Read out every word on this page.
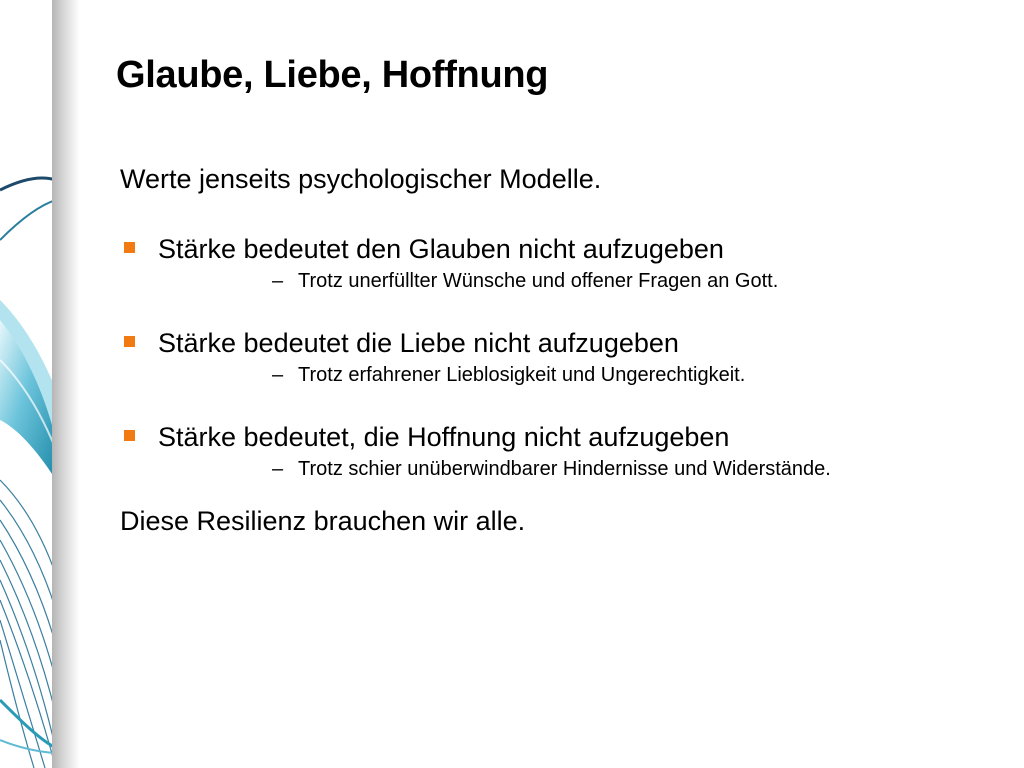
Glaube, Liebe, Hoffnung
Werte jenseits psychologischer Modelle.
Stärke bedeutet den Glauben nicht aufzugeben
– Trotz unerfüllter Wünsche und offener Fragen an Gott.
Stärke bedeutet die Liebe nicht aufzugeben
– Trotz erfahrener Lieblosigkeit und Ungerechtigkeit.
Stärke bedeutet, die Hoffnung nicht aufzugeben
– Trotz schier unüberwindbarer Hindernisse und Widerstände.
Diese Resilienz brauchen wir alle.
